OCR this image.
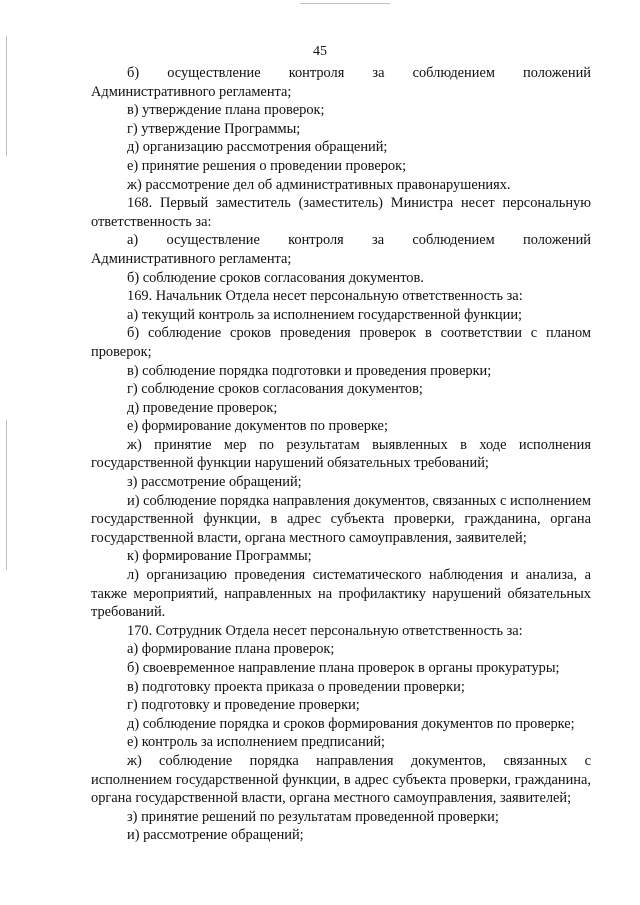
45

б) осуществление контроля за соблюдением положений

Административного регламента;

в) утверждение плана проверок;

г) утверждение Программы;

д) организацию рассмотрения обращений;

е) принятие решения о проведении проверок;

ж) рассмотрение дел об административных правонарушениях.

168. Первый заместитель (заместитель) Министра несет персональную ответственность за:

а) осуществление контроля за соблюдением положений

Административного регламента;

б) соблюдение сроков согласования документов.

169. Начальник Отдела несет персональную ответственность за:

а) текущий контроль за исполнением государственной функции;

б) соблюдение сроков проведения проверок в соответствии с планом проверок;

в) соблюдение порядка подготовки и проведения проверки;

г) соблюдение сроков согласования документов;

д) проведение проверок;

е) формирование документов по проверке;

ж) принятие мер по результатам выявленных в ходе исполнения государственной функции нарушений обязательных требований;

з) рассмотрение обращений;

и) соблюдение порядка направления документов, связанных с исполнением государственной функции, в адрес субъекта проверки, гражданина, органа государственной власти, органа местного самоуправления, заявителей;

к) формирование Программы;

л) организацию проведения систематического наблюдения и анализа, а также мероприятий, направленных на профилактику нарушений обязательных требований.

170. Сотрудник Отдела несет персональную ответственность за:

а) формирование плана проверок;

б) своевременное направление плана проверок в органы прокуратуры;

в) подготовку проекта приказа о проведении проверки;

г) подготовку и проведение проверки;

д) соблюдение порядка и сроков формирования документов по проверке;

е) контроль за исполнением предписаний;

ж) соблюдение порядка направления документов, связанных с исполнением государственной функции, в адрес субъекта проверки, гражданина, органа государственной власти, органа местного самоуправления, заявителей;

з) принятие решений по результатам проведенной проверки;

и) рассмотрение обращений;
